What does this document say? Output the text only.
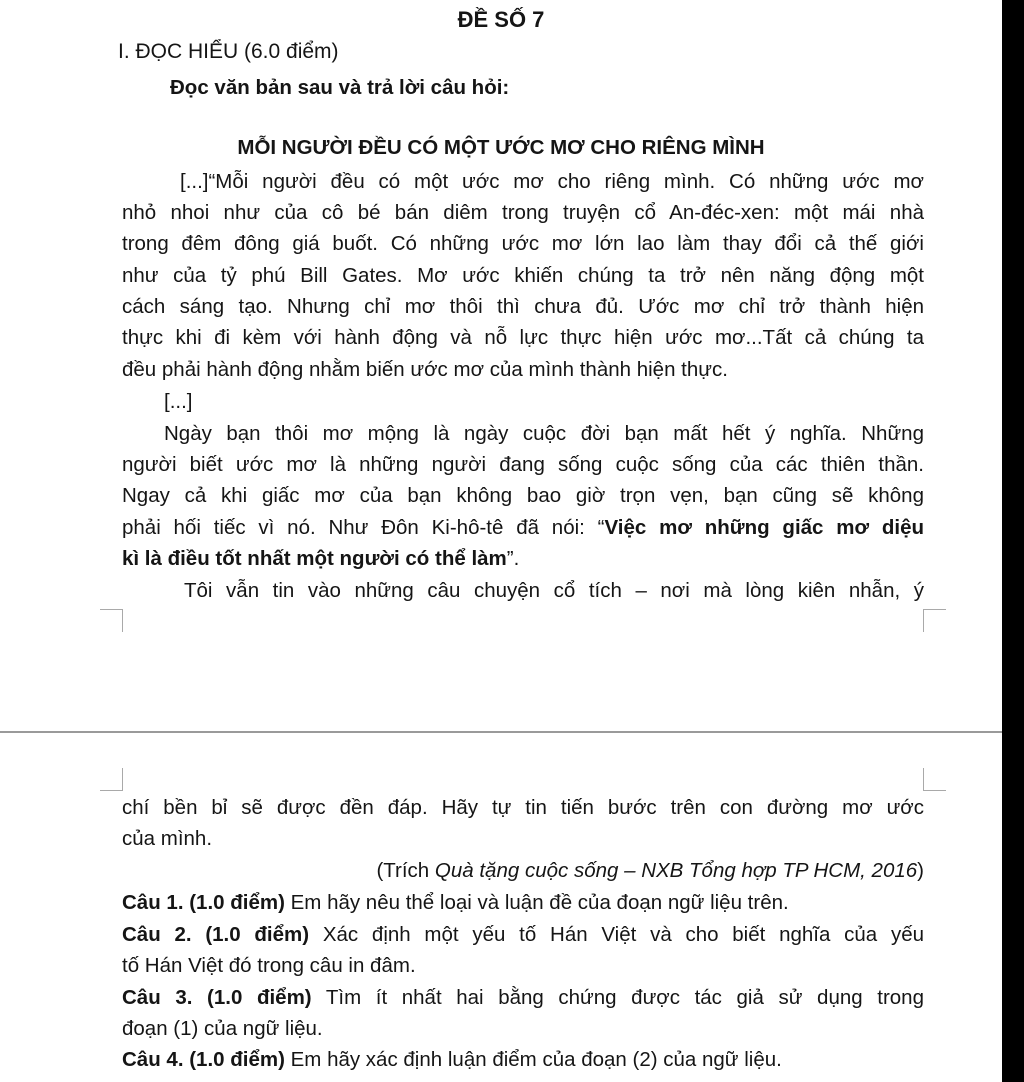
ĐỀ SỐ 7
I. ĐỌC HIỂU (6.0 điểm)
Đọc văn bản sau và trả lời câu hỏi:
MỖI NGƯỜI ĐỀU CÓ MỘT ƯỚC MƠ CHO RIÊNG MÌNH
[...]“Mỗi người đều có một ước mơ cho riêng mình. Có những ước mơ
nhỏ nhoi như của cô bé bán diêm trong truyện cổ An-đéc-xen: một mái nhà
trong đêm đông giá buốt. Có những ước mơ lớn lao làm thay đổi cả thế giới
như của tỷ phú Bill Gates. Mơ ước khiến chúng ta trở nên năng động một
cách sáng tạo. Nhưng chỉ mơ thôi thì chưa đủ. Ước mơ chỉ trở thành hiện
thực khi đi kèm với hành động và nỗ lực thực hiện ước mơ...Tất cả chúng ta
đều phải hành động nhằm biến ước mơ của mình thành hiện thực.
[...]
Ngày bạn thôi mơ mộng là ngày cuộc đời bạn mất hết ý nghĩa. Những
người biết ước mơ là những người đang sống cuộc sống của các thiên thần.
Ngay cả khi giấc mơ của bạn không bao giờ trọn vẹn, bạn cũng sẽ không
phải hối tiếc vì nó. Như Đôn Ki-hô-tê đã nói: “Việc mơ những giấc mơ diệu
kì là điều tốt nhất một người có thể làm”.
Tôi vẫn tin vào những câu chuyện cổ tích – nơi mà lòng kiên nhẫn, ý
chí bền bỉ sẽ được đền đáp. Hãy tự tin tiến bước trên con đường mơ ước
của mình.
(Trích Quà tặng cuộc sống – NXB Tổng hợp TP HCM, 2016)
Câu 1. (1.0 điểm) Em hãy nêu thể loại và luận đề của đoạn ngữ liệu trên.
Câu 2. (1.0 điểm) Xác định một yếu tố Hán Việt và cho biết nghĩa của yếu
tố Hán Việt đó trong câu in đâm.
Câu 3. (1.0 điểm) Tìm ít nhất hai bằng chứng được tác giả sử dụng trong
đoạn (1) của ngữ liệu.
Câu 4. (1.0 điểm) Em hãy xác định luận điểm của đoạn (2) của ngữ liệu.
